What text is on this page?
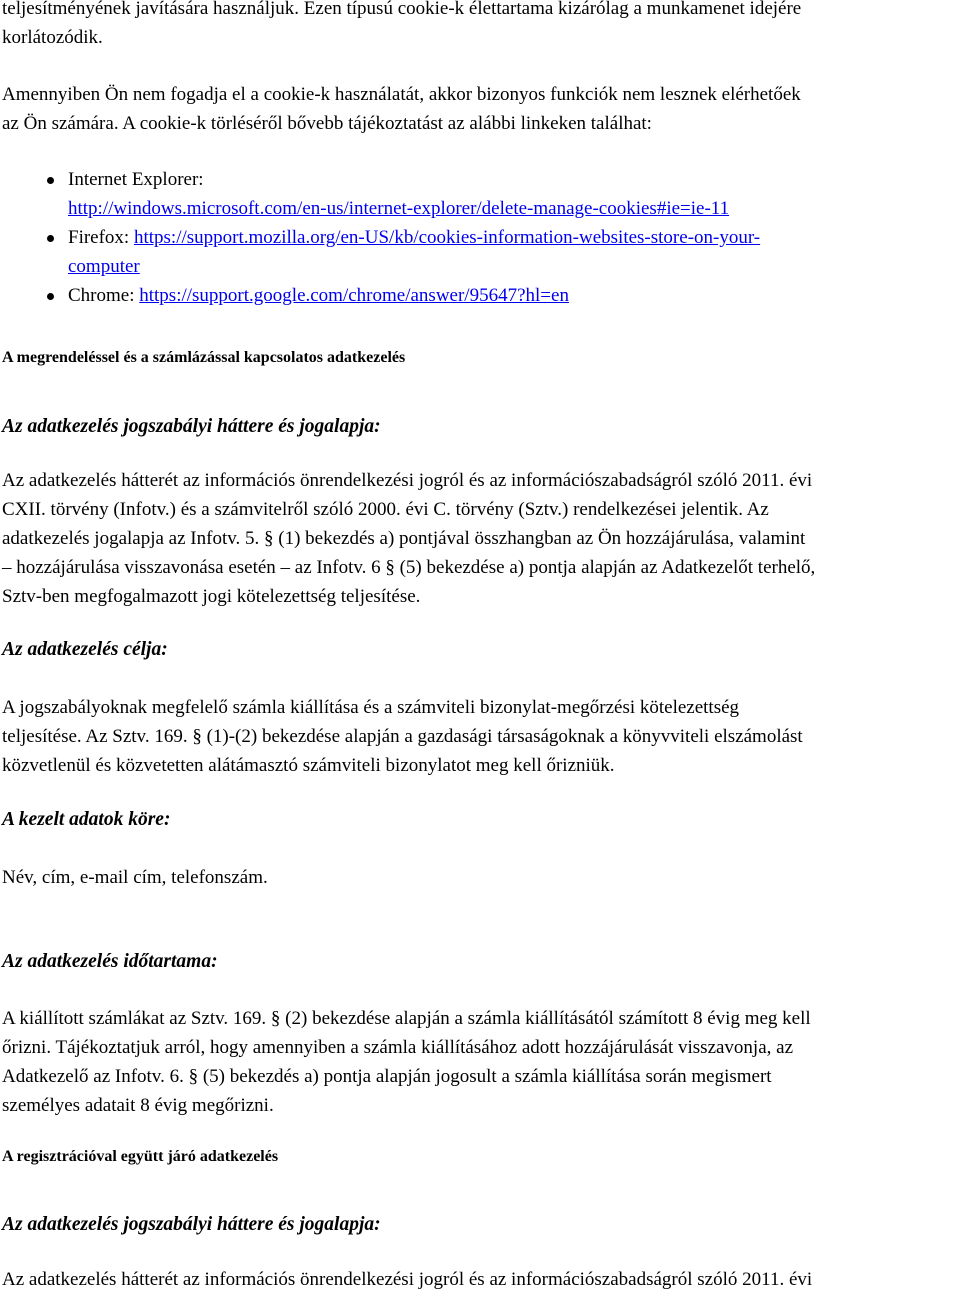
teljesítményének javítására használjuk. Ezen típusú cookie-k élettartama kizárólag a munkamenet idejére
korlátozódik.

Amennyiben Ön nem fogadja el a cookie-k használatát, akkor bizonyos funkciók nem lesznek elérhetőek
az Ön számára. A cookie-k törléséről bővebb tájékoztatást az alábbi linkeken találhat:

Internet Explorer:
http://windows.microsoft.com/en-us/internet-explorer/delete-manage-cookies#ie=ie-11
Firefox: https://support.mozilla.org/en-US/kb/cookies-information-websites-store-on-your-
computer
Chrome: https://support.google.com/chrome/answer/95647?hl=en
A megrendeléssel és a számlázással kapcsolatos adatkezelés
Az adatkezelés jogszabályi háttere és jogalapja:

Az adatkezelés hátterét az információs önrendelkezési jogról és az információszabadságról szóló 2011. évi
CXII. törvény (Infotv.) és a számvitelről szóló 2000. évi C. törvény (Sztv.) rendelkezései jelentik. Az
adatkezelés jogalapja az Infotv. 5. § (1) bekezdés a) pontjával összhangban az Ön hozzájárulása, valamint
– hozzájárulása visszavonása esetén – az Infotv. 6 § (5) bekezdése a) pontja alapján az Adatkezelőt terhelő,
Sztv-ben megfogalmazott jogi kötelezettség teljesítése.

Az adatkezelés célja:

A jogszabályoknak megfelelő számla kiállítása és a számviteli bizonylat-megőrzési kötelezettség
teljesítése. Az Sztv. 169. § (1)-(2) bekezdése alapján a gazdasági társaságoknak a könyvviteli elszámolást
közvetlenül és közvetetten alátámasztó számviteli bizonylatot meg kell őrizniük.

A kezelt adatok köre:

Név, cím, e-mail cím, telefonszám.

Az adatkezelés időtartama:

A kiállított számlákat az Sztv. 169. § (2) bekezdése alapján a számla kiállításától számított 8 évig meg kell
őrizni. Tájékoztatjuk arról, hogy amennyiben a számla kiállításához adott hozzájárulását visszavonja, az
Adatkezelő az Infotv. 6. § (5) bekezdés a) pontja alapján jogosult a számla kiállítása során megismert
személyes adatait 8 évig megőrizni.

A regisztrációval együtt járó adatkezelés
Az adatkezelés jogszabályi háttere és jogalapja:

Az adatkezelés hátterét az információs önrendelkezési jogról és az információszabadságról szóló 2011. évi
